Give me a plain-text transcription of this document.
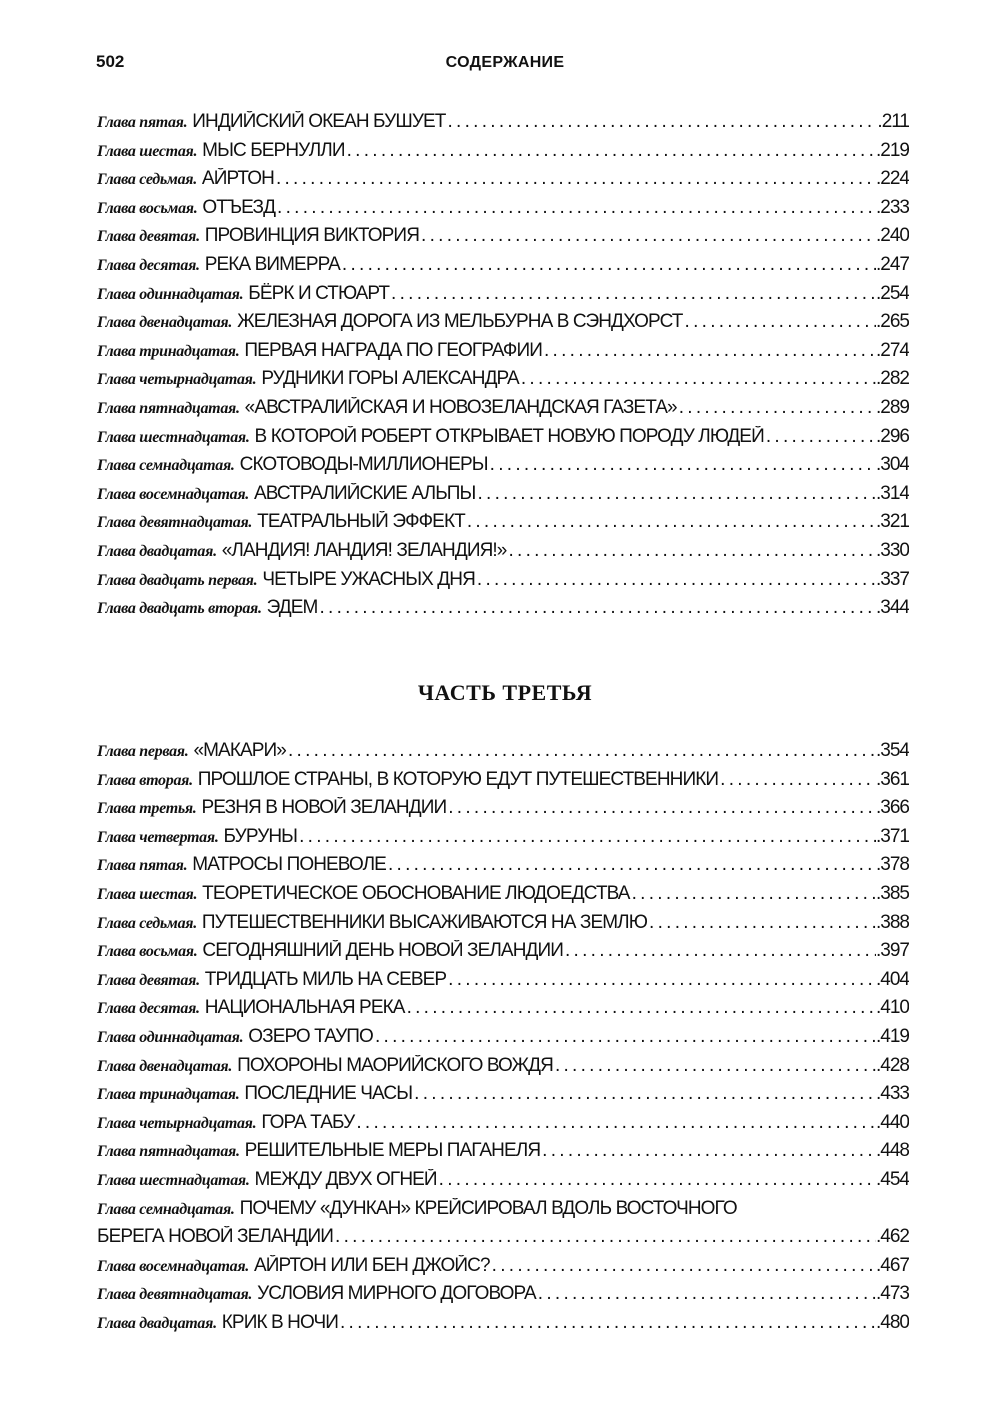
502	СОДЕРЖАНИЕ
Глава пятая. ИНДИЙСКИЙ ОКЕАН БУШУЕТ . . .	.211
Глава шестая. МЫС БЕРНУЛЛИ . . .	.219
Глава седьмая. АЙРТОН . . .	.224
Глава восьмая. ОТЪЕЗД . . .	.233
Глава девятая. ПРОВИНЦИЯ ВИКТОРИЯ . . .	.240
Глава десятая. РЕКА ВИМЕРРА . . .	.247
Глава одиннадцатая. БЁРК И СТЮАРТ . . .	.254
Глава двенадцатая. ЖЕЛЕЗНАЯ ДОРОГА ИЗ МЕЛЬБУРНА В СЭНДХОРСТ . . .	.265
Глава тринадцатая. ПЕРВАЯ НАГРАДА ПО ГЕОГРАФИИ . . .	.274
Глава четырнадцатая. РУДНИКИ ГОРЫ АЛЕКСАНДРА . . .	.282
Глава пятнадцатая. «АВСТРАЛИЙСКАЯ И НОВОЗЕЛАНДСКАЯ ГАЗЕТА» . . .	.289
Глава шестнадцатая. В КОТОРОЙ РОБЕРТ ОТКРЫВАЕТ НОВУЮ ПОРОДУ ЛЮДЕЙ . . .	.296
Глава семнадцатая. СКОТОВОДЫ-МИЛЛИОНЕРЫ . . .	.304
Глава восемнадцатая. АВСТРАЛИЙСКИЕ АЛЬПЫ . . .	.314
Глава девятнадцатая. ТЕАТРАЛЬНЫЙ ЭФФЕКТ . . .	.321
Глава двадцатая. «ЛАНДИЯ! ЛАНДИЯ! ЗЕЛАНДИЯ!» . . .	.330
Глава двадцать первая. ЧЕТЫРЕ УЖАСНЫХ ДНЯ . . .	.337
Глава двадцать вторая. ЭДЕМ . . .	.344
ЧАСТЬ ТРЕТЬЯ
Глава первая. «МАКАРИ» . . .	.354
Глава вторая. ПРОШЛОЕ СТРАНЫ, В КОТОРУЮ ЕДУТ ПУТЕШЕСТВЕННИКИ . . .	.361
Глава третья. РЕЗНЯ В НОВОЙ ЗЕЛАНДИИ . . .	.366
Глава четвертая. БУРУНЫ . . .	.371
Глава пятая. МАТРОСЫ ПОНЕВОЛЕ . . .	.378
Глава шестая. ТЕОРЕТИЧЕСКОЕ ОБОСНОВАНИЕ ЛЮДОЕДСТВА . . .	.385
Глава седьмая. ПУТЕШЕСТВЕННИКИ ВЫСАЖИВАЮТСЯ НА ЗЕМЛЮ . . .	.388
Глава восьмая. СЕГОДНЯШНИЙ ДЕНЬ НОВОЙ ЗЕЛАНДИИ . . .	.397
Глава девятая. ТРИДЦАТЬ МИЛЬ НА СЕВЕР . . .	.404
Глава десятая. НАЦИОНАЛЬНАЯ РЕКА . . .	.410
Глава одиннадцатая. ОЗЕРО ТАУПО . . .	.419
Глава двенадцатая. ПОХОРОНЫ МАОРИЙСКОГО ВОЖДЯ . . .	.428
Глава тринадцатая. ПОСЛЕДНИЕ ЧАСЫ . . .	.433
Глава четырнадцатая. ГОРА ТАБУ . . .	.440
Глава пятнадцатая. РЕШИТЕЛЬНЫЕ МЕРЫ ПАГАНЕЛЯ . . .	.448
Глава шестнадцатая. МЕЖДУ ДВУХ ОГНЕЙ . . .	.454
Глава семнадцатая. ПОЧЕМУ «ДУНКАН» КРЕЙСИРОВАЛ ВДОЛЬ ВОСТОЧНОГО
БЕРЕГА НОВОЙ ЗЕЛАНДИИ . . .	.462
Глава восемнадцатая. АЙРТОН ИЛИ БЕН ДЖОЙС? . . .	.467
Глава девятнадцатая. УСЛОВИЯ МИРНОГО ДОГОВОРА . . .	.473
Глава двадцатая. КРИК В НОЧИ . . .	.480
